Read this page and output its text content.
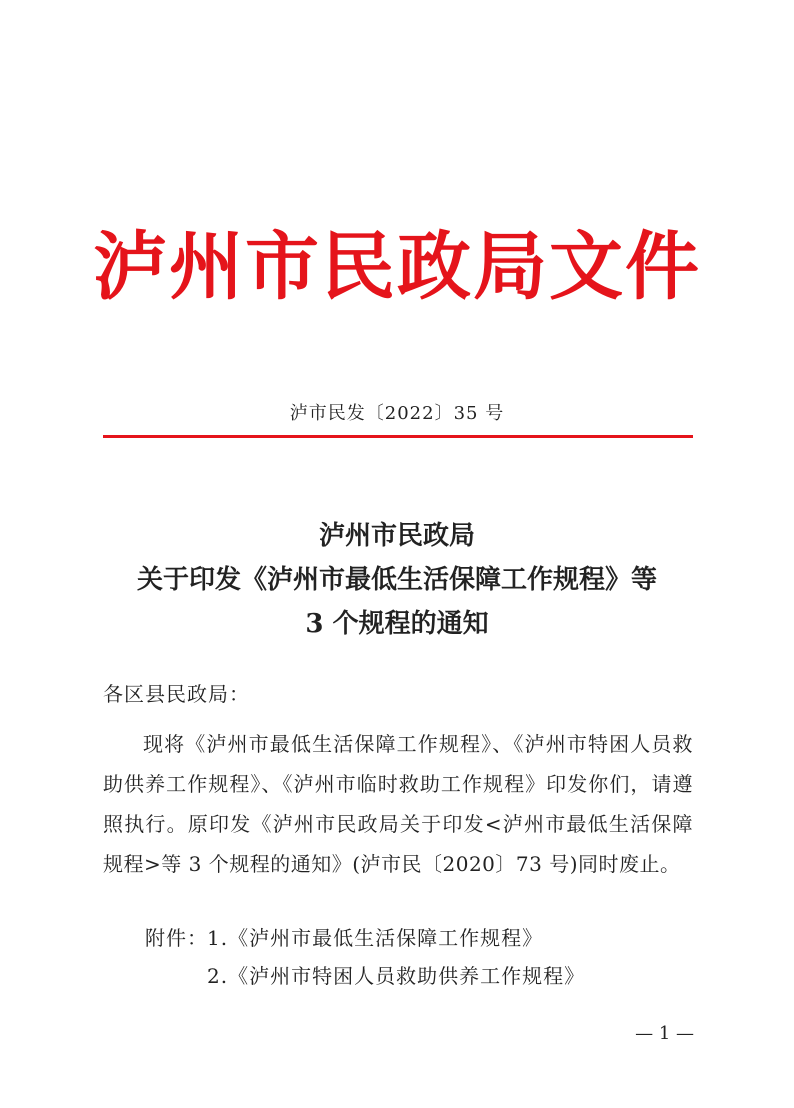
泸州市民政局文件
泸市民发〔2022〕35 号
泸州市民政局
关于印发《泸州市最低生活保障工作规程》等
3 个规程的通知
各区县民政局：
现将《泸州市最低生活保障工作规程》、《泸州市特困人员救
助供养工作规程》、《泸州市临时救助工作规程》印发你们，请遵
照执行。原印发《泸州市民政局关于印发<泸州市最低生活保障
规程>等 3 个规程的通知》(泸市民〔2020〕73 号)同时废止。
附件： 1.《泸州市最低生活保障工作规程》
2.《泸州市特困人员救助供养工作规程》
— 1 —
